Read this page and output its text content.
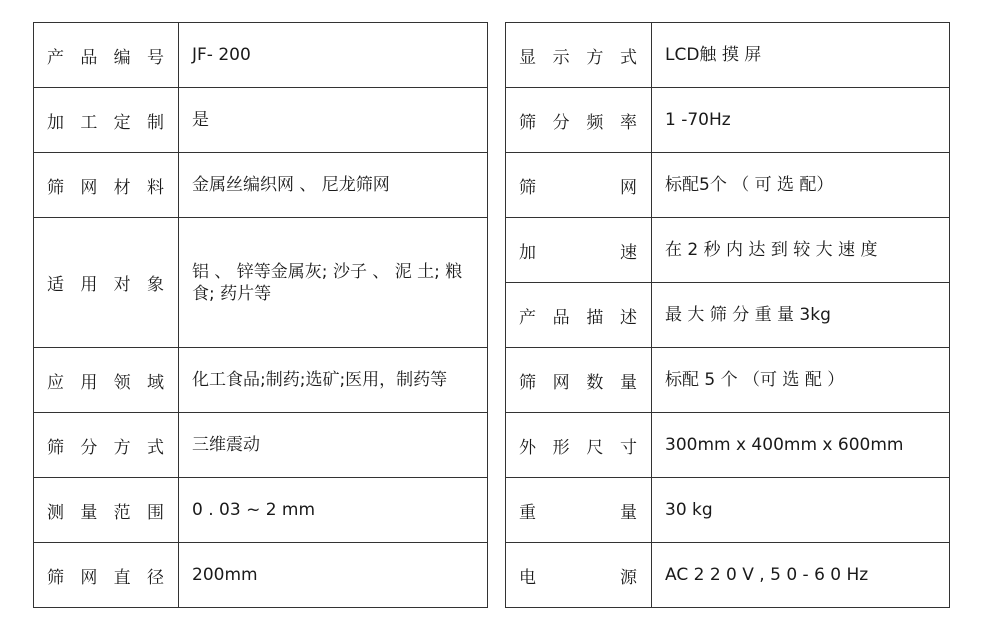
产品编号	JF- 200
加工定制	是
筛网材料	金属丝编织网 、 尼龙筛网
适用对象	铝 、 锌等金属灰; 沙子 、 泥 土; 粮食; 药片等
应用领域	化工食品;制药;选矿;医用，制药等
筛分方式	三维震动
测量范围	0 . 03 ~ 2 mm
筛网直径	200mm
显示方式	LCD触 摸 屏
筛分频率	1 -70Hz
筛网	标配5个 （ 可 选 配）
加速	在 2 秒 内 达 到 较 大 速 度
产品描述	最 大 筛 分 重 量 3kg
筛网数量	标配 5 个 （可 选 配 ）
外形尺寸	300mm x 400mm x 600mm
重量	30 kg
电源	AC 2 2 0 V , 5 0 - 6 0 Hz
